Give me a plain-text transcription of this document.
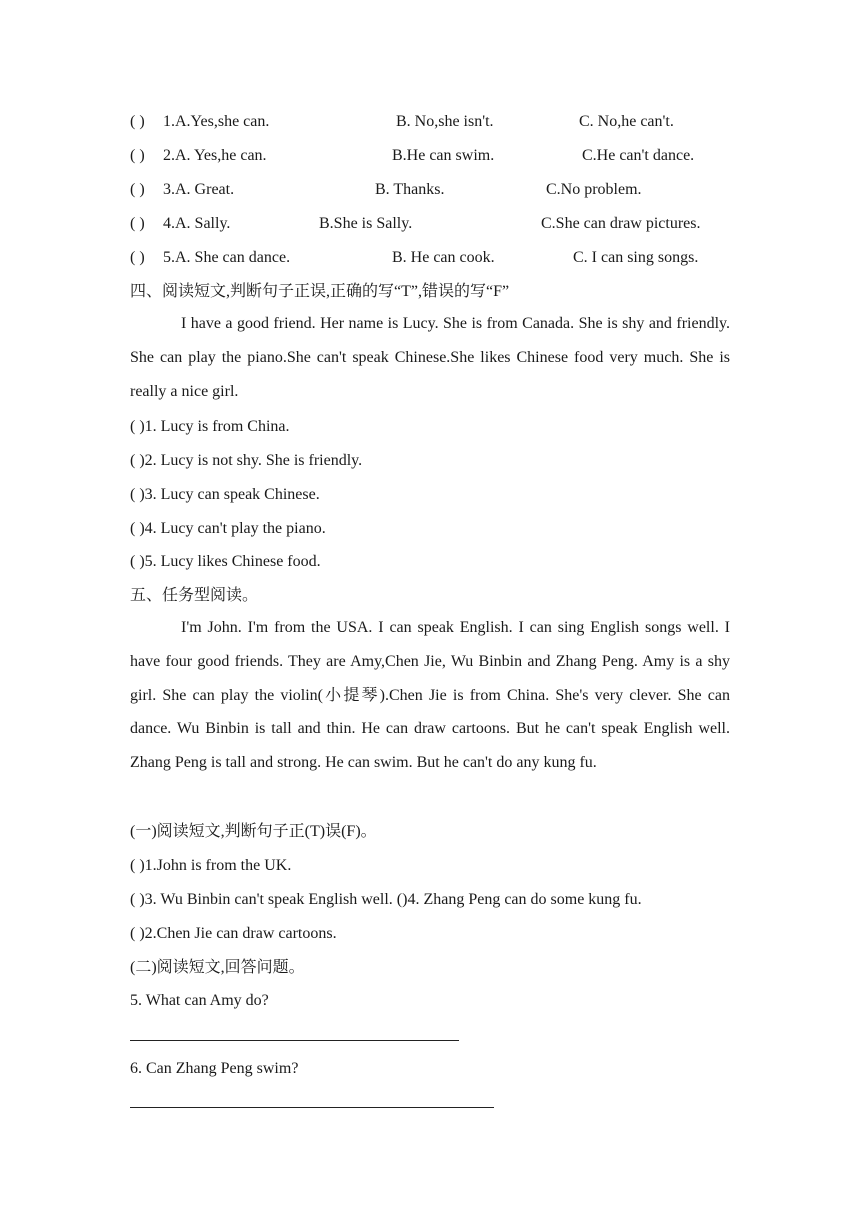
( ) 1.A.Yes,she can.	B. No,she isn't.	C. No,he can't.
( ) 2.A. Yes,he can.	B.He can swim.	C.He can't dance.
( ) 3.A. Great.	B. Thanks.	C.No problem.
( ) 4.A. Sally.	B.She is Sally.	C.She can draw pictures.
( ) 5.A. She can dance.	B. He can cook.	C. I can sing songs.
四、阅读短文,判断句子正误,正确的写“T”,错误的写“F”
I have a good friend. Her name is Lucy. She is from Canada. She is shy and friendly. She can play the piano.She can't speak Chinese.She likes Chinese food very much. She is really a nice girl.
( )1. Lucy is from China.
( )2. Lucy is not shy. She is friendly.
( )3. Lucy can speak Chinese.
( )4. Lucy can't play the piano.
( )5. Lucy likes Chinese food.
五、任务型阅读。
I'm John. I'm from the USA. I can speak English. I can sing English songs well. I have four good friends. They are Amy,Chen Jie, Wu Binbin and Zhang Peng. Amy is a shy girl. She can play the violin(小提琴).Chen Jie is from China. She's very clever. She can dance. Wu Binbin is tall and thin. He can draw cartoons. But he can't speak English well. Zhang Peng is tall and strong. He can swim. But he can't do any kung fu.
(一)阅读短文,判断句子正(T)误(F)。
( )1.John is from the UK.
( )3. Wu Binbin can't speak English well. ()4. Zhang Peng can do some kung fu.
( )2.Chen Jie can draw cartoons.
(二)阅读短文,回答问题。
5. What can Amy do?
6. Can Zhang Peng swim?
